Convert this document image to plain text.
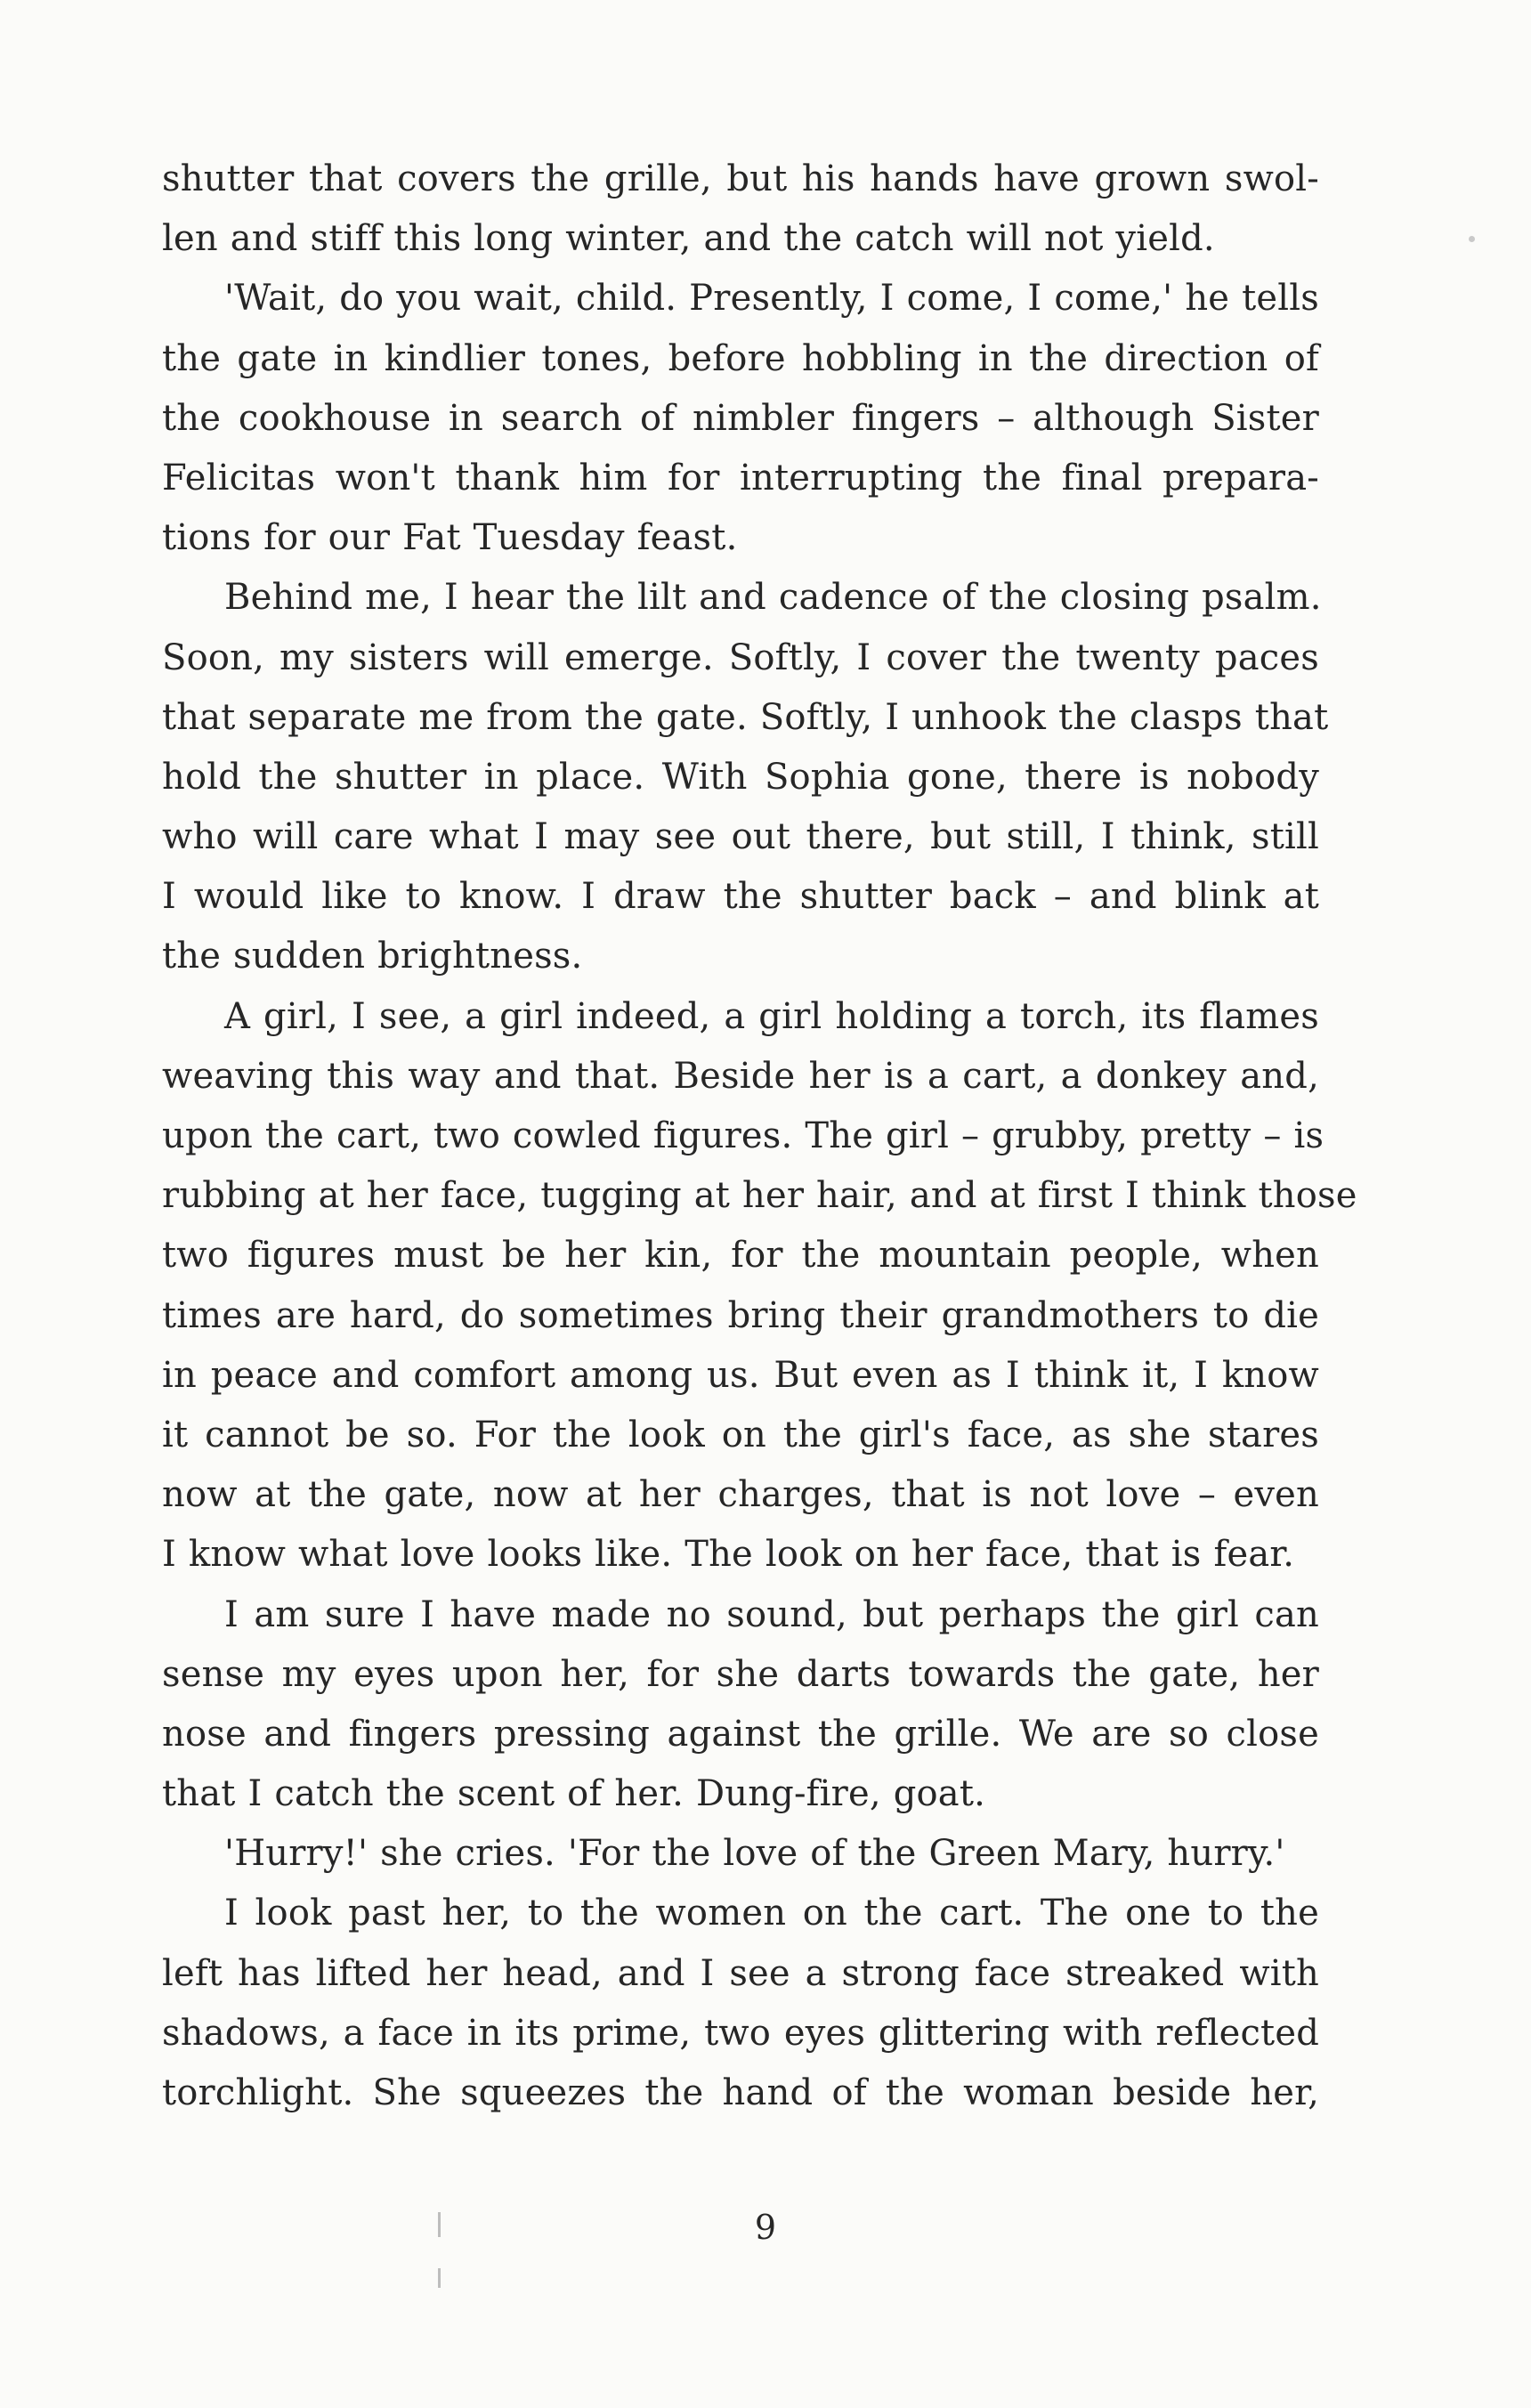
shutter that covers the grille, but his hands have grown swol-
len and stiff this long winter, and the catch will not yield.
'Wait, do you wait, child. Presently, I come, I come,' he tells
the gate in kindlier tones, before hobbling in the direction of
the cookhouse in search of nimbler fingers – although Sister
Felicitas won't thank him for interrupting the final prepara-
tions for our Fat Tuesday feast.
Behind me, I hear the lilt and cadence of the closing psalm.
Soon, my sisters will emerge. Softly, I cover the twenty paces
that separate me from the gate. Softly, I unhook the clasps that
hold the shutter in place. With Sophia gone, there is nobody
who will care what I may see out there, but still, I think, still
I would like to know. I draw the shutter back – and blink at
the sudden brightness.
A girl, I see, a girl indeed, a girl holding a torch, its flames
weaving this way and that. Beside her is a cart, a donkey and,
upon the cart, two cowled figures. The girl – grubby, pretty – is
rubbing at her face, tugging at her hair, and at first I think those
two figures must be her kin, for the mountain people, when
times are hard, do sometimes bring their grandmothers to die
in peace and comfort among us. But even as I think it, I know
it cannot be so. For the look on the girl's face, as she stares
now at the gate, now at her charges, that is not love – even
I know what love looks like. The look on her face, that is fear.
I am sure I have made no sound, but perhaps the girl can
sense my eyes upon her, for she darts towards the gate, her
nose and fingers pressing against the grille. We are so close
that I catch the scent of her. Dung-fire, goat.
'Hurry!' she cries. 'For the love of the Green Mary, hurry.'
I look past her, to the women on the cart. The one to the
left has lifted her head, and I see a strong face streaked with
shadows, a face in its prime, two eyes glittering with reflected
torchlight. She squeezes the hand of the woman beside her,
9
